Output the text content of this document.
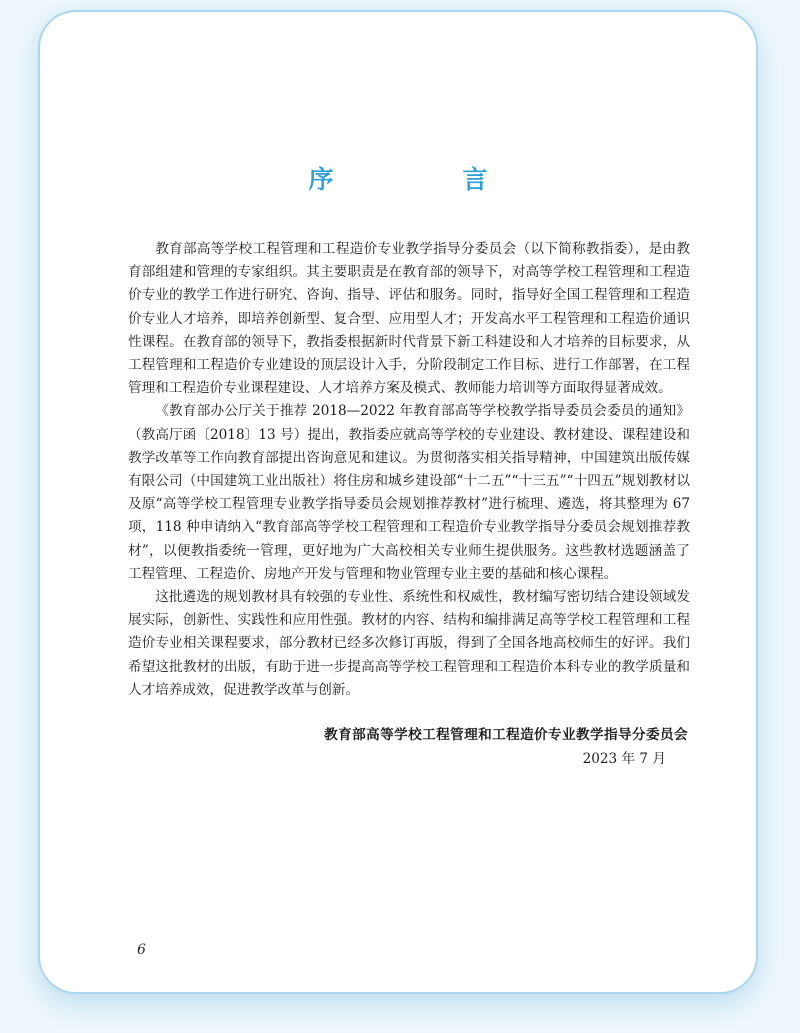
序　言

教育部高等学校工程管理和工程造价专业教学指导分委员会（以下简称教指委），是由教育部组建和管理的专家组织。其主要职责是在教育部的领导下，对高等学校工程管理和工程造价专业的教学工作进行研究、咨询、指导、评估和服务。同时，指导好全国工程管理和工程造价专业人才培养，即培养创新型、复合型、应用型人才；开发高水平工程管理和工程造价通识性课程。在教育部的领导下，教指委根据新时代背景下新工科建设和人才培养的目标要求，从工程管理和工程造价专业建设的顶层设计入手，分阶段制定工作目标、进行工作部署，在工程管理和工程造价专业课程建设、人才培养方案及模式、教师能力培训等方面取得显著成效。

《教育部办公厅关于推荐 2018—2022 年教育部高等学校教学指导委员会委员的通知》（教高厅函〔2018〕13 号）提出，教指委应就高等学校的专业建设、教材建设、课程建设和教学改革等工作向教育部提出咨询意见和建议。为贯彻落实相关指导精神，中国建筑出版传媒有限公司（中国建筑工业出版社）将住房和城乡建设部“十二五”“十三五”“十四五”规划教材以及原“高等学校工程管理专业教学指导委员会规划推荐教材”进行梳理、遴选，将其整理为 67 项，118 种申请纳入“教育部高等学校工程管理和工程造价专业教学指导分委员会规划推荐教材”，以便教指委统一管理，更好地为广大高校相关专业师生提供服务。这些教材选题涵盖了工程管理、工程造价、房地产开发与管理和物业管理专业主要的基础和核心课程。

这批遴选的规划教材具有较强的专业性、系统性和权威性，教材编写密切结合建设领域发展实际，创新性、实践性和应用性强。教材的内容、结构和编排满足高等学校工程管理和工程造价专业相关课程要求，部分教材已经多次修订再版，得到了全国各地高校师生的好评。我们希望这批教材的出版，有助于进一步提高高等学校工程管理和工程造价本科专业的教学质量和人才培养成效，促进教学改革与创新。

教育部高等学校工程管理和工程造价专业教学指导分委员会
2023 年 7 月
6
